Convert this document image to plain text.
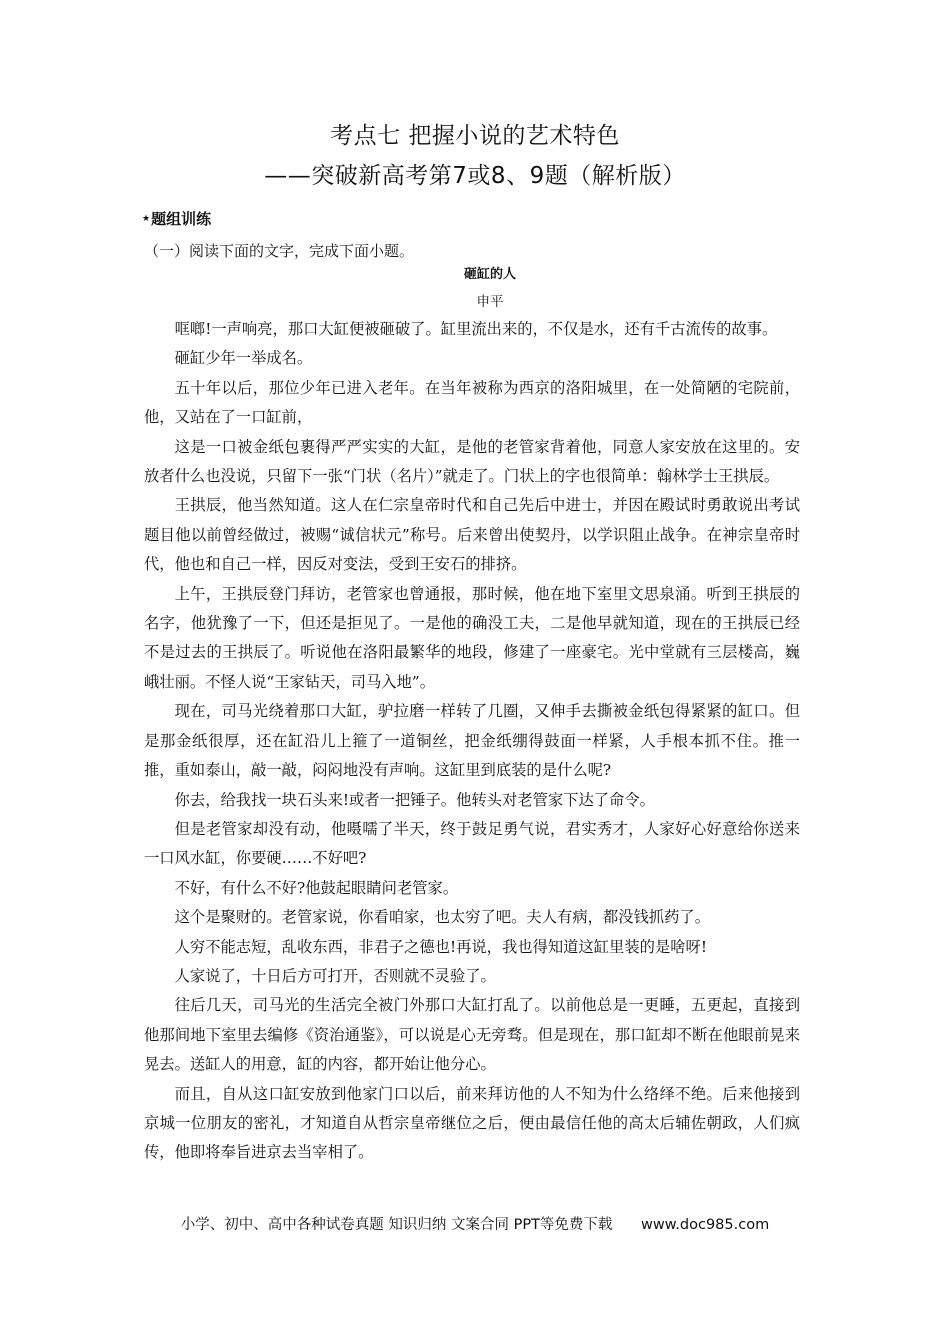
考点七 把握小说的艺术特色
——突破新高考第7或8、9题（解析版）
★ 题组训练
（一）阅读下面的文字，完成下面小题。
砸缸的人
申平

哐啷!一声响亮，那口大缸便被砸破了。缸里流出来的，不仅是水，还有千古流传的故事。

砸缸少年一举成名。

五十年以后，那位少年已进入老年。在当年被称为西京的洛阳城里，在一处简陋的宅院前，他，又站在了一口缸前，

这是一口被金纸包裹得严严实实的大缸，是他的老管家背着他，同意人家安放在这里的。安放者什么也没说，只留下一张“门状（名片）”就走了。门状上的字也很简单：翰林学士王拱辰。

王拱辰，他当然知道。这人在仁宗皇帝时代和自己先后中进士，并因在殿试时勇敢说出考试题目他以前曾经做过，被赐“诚信状元”称号。后来曾出使契丹，以学识阻止战争。在神宗皇帝时代，他也和自己一样，因反对变法，受到王安石的排挤。

上午，王拱辰登门拜访，老管家也曾通报，那时候，他在地下室里文思泉涌。听到王拱辰的名字，他犹豫了一下，但还是拒见了。一是他的确没工夫，二是他早就知道，现在的王拱辰已经不是过去的王拱辰了。听说他在洛阳最繁华的地段，修建了一座豪宅。光中堂就有三层楼高，巍峨壮丽。不怪人说“王家钻天，司马入地”。

现在，司马光绕着那口大缸，驴拉磨一样转了几圈，又伸手去撕被金纸包得紧紧的缸口。但是那金纸很厚，还在缸沿儿上箍了一道铜丝，把金纸绷得鼓面一样紧，人手根本抓不住。推一推，重如泰山，敲一敲，闷闷地没有声响。这缸里到底装的是什么呢?

你去，给我找一块石头来!或者一把锤子。他转头对老管家下达了命令。

但是老管家却没有动，他嗫嚅了半天，终于鼓足勇气说，君实秀才，人家好心好意给你送来一口风水缸，你要硬……不好吧?

不好，有什么不好?他鼓起眼睛问老管家。

这个是聚财的。老管家说，你看咱家，也太穷了吧。夫人有病，都没钱抓药了。

人穷不能志短，乱收东西，非君子之德也!再说，我也得知道这缸里装的是啥呀!

人家说了，十日后方可打开，否则就不灵验了。

往后几天，司马光的生活完全被门外那口大缸打乱了。以前他总是一更睡，五更起，直接到他那间地下室里去编修《资治通鉴》，可以说是心无旁骛。但是现在，那口缸却不断在他眼前晃来晃去。送缸人的用意，缸的内容，都开始让他分心。

而且，自从这口缸安放到他家门口以后，前来拜访他的人不知为什么络绎不绝。后来他接到京城一位朋友的密礼，才知道自从哲宗皇帝继位之后，便由最信任他的高太后辅佐朝政，人们疯传，他即将奉旨进京去当宰相了。

小学、初中、高中各种试卷真题 知识归纳 文案合同 PPT等免费下载 www.doc985.com
